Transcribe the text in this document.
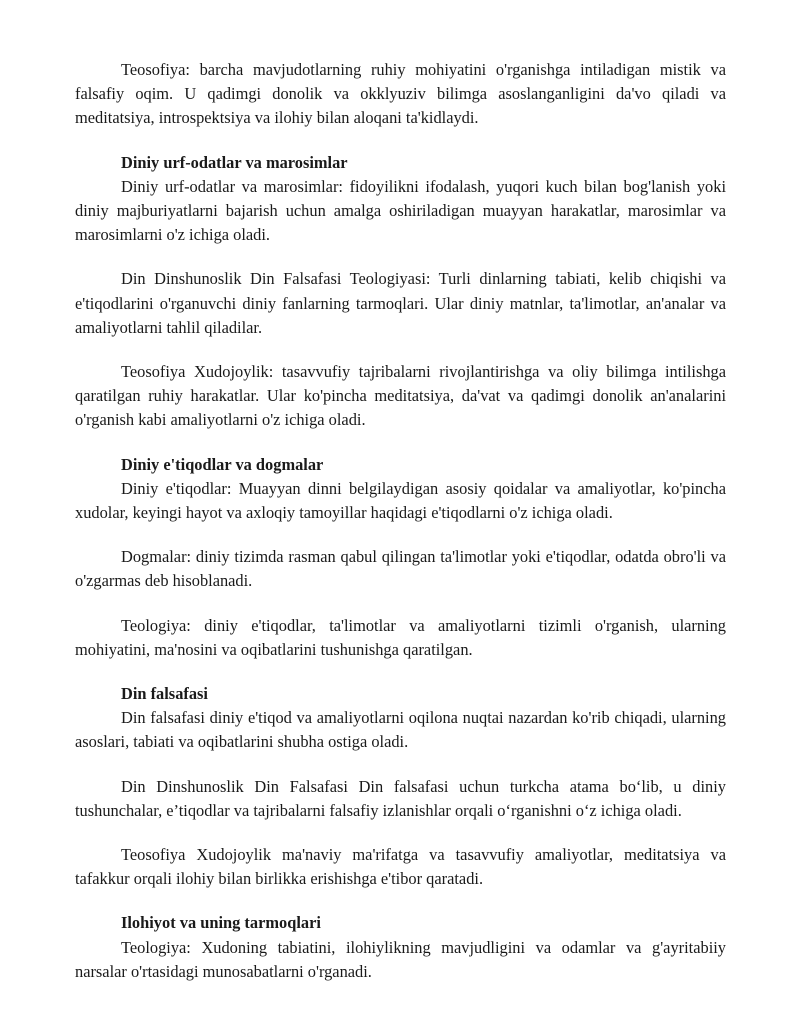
Teosofiya: barcha mavjudotlarning ruhiy mohiyatini o'rganishga intiladigan mistik va falsafiy oqim. U qadimgi donolik va okklyuziv bilimga asoslanganligini da'vo qiladi va meditatsiya, introspektsiya va ilohiy bilan aloqani ta'kidlaydi.

Diniy urf-odatlar va marosimlar

Diniy urf-odatlar va marosimlar: fidoyilikni ifodalash, yuqori kuch bilan bog'lanish yoki diniy majburiyatlarni bajarish uchun amalga oshiriladigan muayyan harakatlar, marosimlar va marosimlarni o'z ichiga oladi.

Din Dinshunoslik Din Falsafasi Teologiyasi: Turli dinlarning tabiati, kelib chiqishi va e'tiqodlarini o'rganuvchi diniy fanlarning tarmoqlari. Ular diniy matnlar, ta'limotlar, an'analar va amaliyotlarni tahlil qiladilar.

Teosofiya Xudojoylik: tasavvufiy tajribalarni rivojlantirishga va oliy bilimga intilishga qaratilgan ruhiy harakatlar. Ular ko'pincha meditatsiya, da'vat va qadimgi donolik an'analarini o'rganish kabi amaliyotlarni o'z ichiga oladi.

Diniy e'tiqodlar va dogmalar

Diniy e'tiqodlar: Muayyan dinni belgilaydigan asosiy qoidalar va amaliyotlar, ko'pincha xudolar, keyingi hayot va axloqiy tamoyillar haqidagi e'tiqodlarni o'z ichiga oladi.

Dogmalar: diniy tizimda rasman qabul qilingan ta'limotlar yoki e'tiqodlar, odatda obro'li va o'zgarmas deb hisoblanadi.

Teologiya: diniy e'tiqodlar, ta'limotlar va amaliyotlarni tizimli o'rganish, ularning mohiyatini, ma'nosini va oqibatlarini tushunishga qaratilgan.

Din falsafasi

Din falsafasi diniy e'tiqod va amaliyotlarni oqilona nuqtai nazardan ko'rib chiqadi, ularning asoslari, tabiati va oqibatlarini shubha ostiga oladi.

Din Dinshunoslik Din Falsafasi Din falsafasi uchun turkcha atama bo‘lib, u diniy tushunchalar, e’tiqodlar va tajribalarni falsafiy izlanishlar orqali o‘rganishni o‘z ichiga oladi.

Teosofiya Xudojoylik ma'naviy ma'rifatga va tasavvufiy amaliyotlar, meditatsiya va tafakkur orqali ilohiy bilan birlikka erishishga e'tibor qaratadi.

Ilohiyot va uning tarmoqlari

Teologiya: Xudoning tabiatini, ilohiylikning mavjudligini va odamlar va g'ayritabiiy narsalar o'rtasidagi munosabatlarni o'rganadi.
